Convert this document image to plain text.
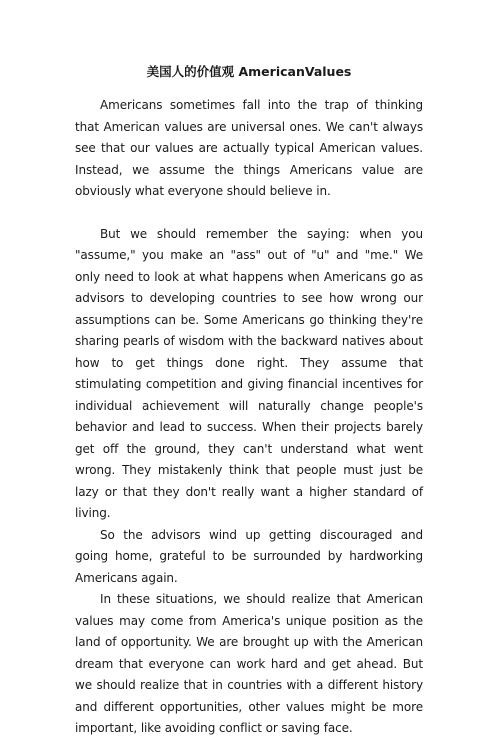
美国人的价值观 AmericanValues

Americans sometimes fall into the trap of thinking that American values are universal ones. We can't always see that our values are actually typical American values. Instead, we assume the things Americans value are obviously what everyone should believe in.

But we should remember the saying: when you "assume," you make an "ass" out of "u" and "me." We only need to look at what happens when Americans go as advisors to developing countries to see how wrong our assumptions can be. Some Americans go thinking they're sharing pearls of wisdom with the backward natives about how to get things done right. They assume that stimulating competition and giving financial incentives for individual achievement will naturally change people's behavior and lead to success. When their projects barely get off the ground, they can't understand what went wrong. They mistakenly think that people must just be lazy or that they don't really want a higher standard of living.

So the advisors wind up getting discouraged and going home, grateful to be surrounded by hardworking Americans again.

In these situations, we should realize that American values may come from America's unique position as the land of opportunity. We are brought up with the American dream that everyone can work hard and get ahead. But we should realize that in countries with a different history and different opportunities, other values might be more important, like avoiding conflict or saving face.
